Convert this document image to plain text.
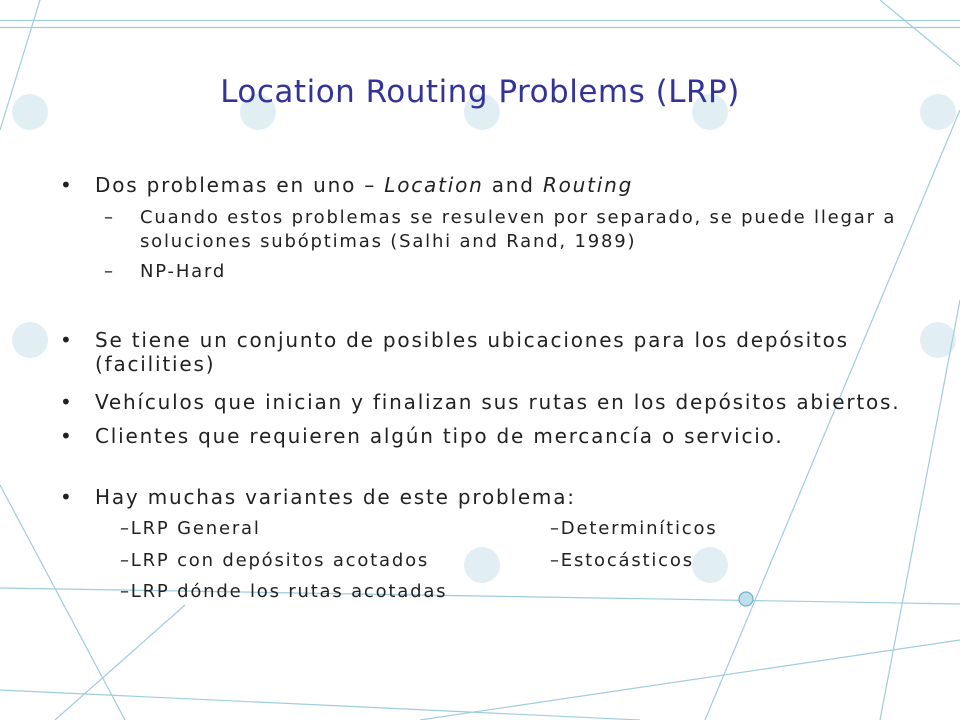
Location Routing Problems (LRP)
• Dos problemas en uno – Location and Routing
– Cuando estos problemas se resuleven por separado, se puede llegar a soluciones subóptimas (Salhi and Rand, 1989)
– NP-Hard
• Se tiene un conjunto de posibles ubicaciones para los depósitos (facilities)
• Vehículos que inician y finalizan sus rutas en los depósitos abiertos.
• Clientes que requieren algún tipo de mercancía o servicio.
• Hay muchas variantes de este problema:
–LRP General	–Determiníticos
–LRP con depósitos acotados	–Estocásticos
–LRP dónde los rutas acotadas
